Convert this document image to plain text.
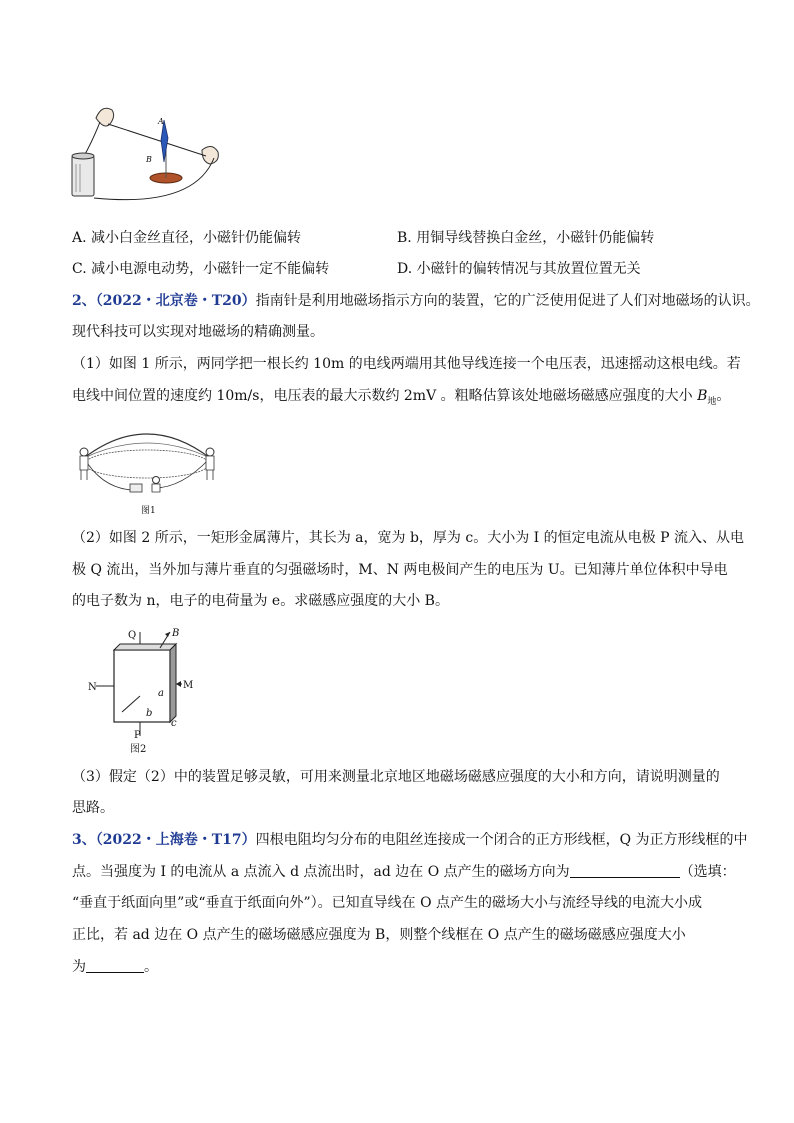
A
B
A. 减小白金丝直径，小磁针仍能偏转	B. 用铜导线替换白金丝，小磁针仍能偏转
C. 减小电源电动势，小磁针一定不能偏转	D. 小磁针的偏转情况与其放置位置无关
2、（2022・北京卷・T20）指南针是利用地磁场指示方向的装置，它的广泛使用促进了人们对地磁场的认识。
现代科技可以实现对地磁场的精确测量。
（1）如图 1 所示，两同学把一根长约 10m 的电线两端用其他导线连接一个电压表，迅速摇动这根电线。若
电线中间位置的速度约 10m/s，电压表的最大示数约 2mV 。粗略估算该处地磁场磁感应强度的大小 $B_地$。
图1
（2）如图 2 所示，一矩形金属薄片，其长为 a，宽为 b，厚为 c。大小为 I 的恒定电流从电极 P 流入、从电
极 Q 流出，当外加与薄片垂直的匀强磁场时，M、N 两电极间产生的电压为 U。已知薄片单位体积中导电
的电子数为 n，电子的电荷量为 e。求磁感应强度的大小 B。
Q	B
N	M
a
b
c
P
图2
（3）假定（2）中的装置足够灵敏，可用来测量北京地区地磁场磁感应强度的大小和方向，请说明测量的
思路。
3、（2022・上海卷・T17）四根电阻均匀分布的电阻丝连接成一个闭合的正方形线框，Q 为正方形线框的中
点。当强度为 I 的电流从 a 点流入 d 点流出时，ad 边在 O 点产生的磁场方向为	（选填：
“垂直于纸面向里”或“垂直于纸面向外”）。已知直导线在 O 点产生的磁场大小与流经导线的电流大小成
正比，若 ad 边在 O 点产生的磁场磁感应强度为 B，则整个线框在 O 点产生的磁场磁感应强度大小
为	。
